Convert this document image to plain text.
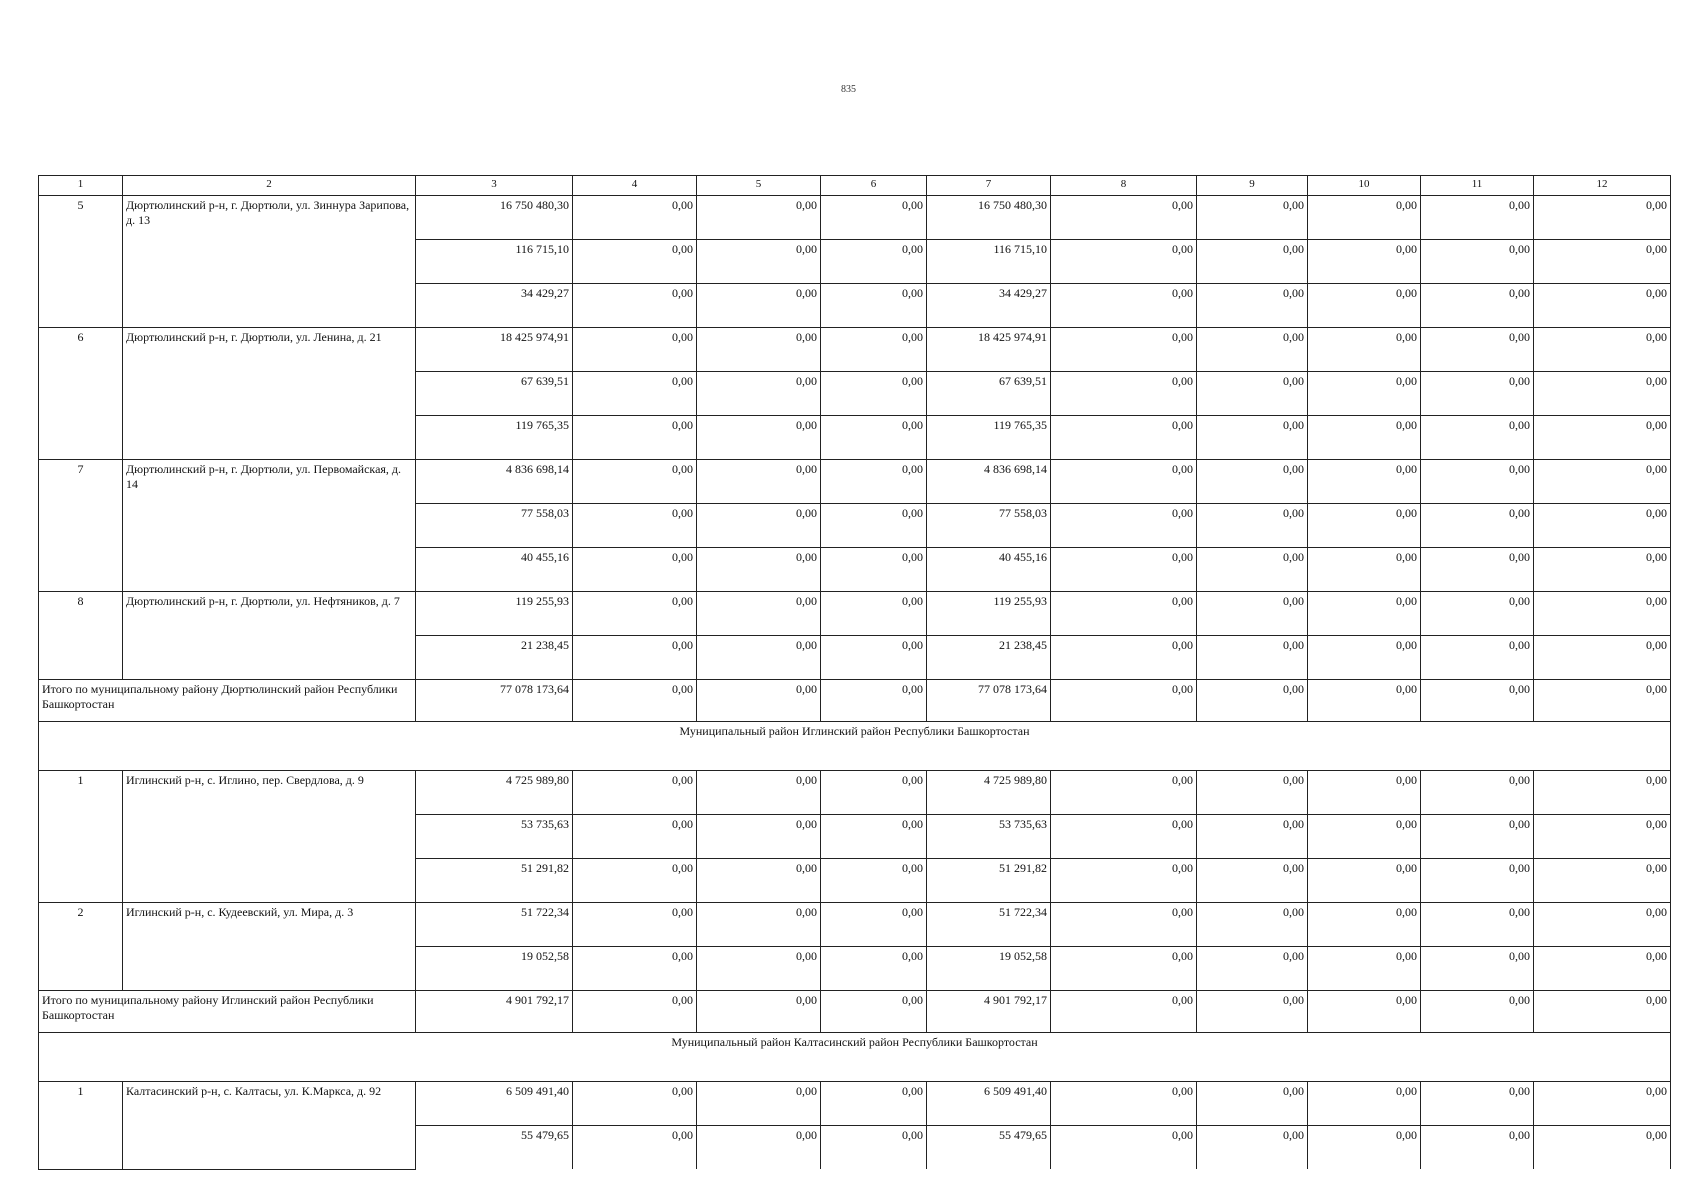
835
1	2	3	4	5	6	7	8	9	10	11	12
5	Дюртюлинский р-н, г. Дюртюли, ул. Зиннура Зарипова, д. 13	16 750 480,30	0,00	0,00	0,00	16 750 480,30	0,00	0,00	0,00	0,00	0,00
		116 715,10	0,00	0,00	0,00	116 715,10	0,00	0,00	0,00	0,00	0,00
		34 429,27	0,00	0,00	0,00	34 429,27	0,00	0,00	0,00	0,00	0,00
6	Дюртюлинский р-н, г. Дюртюли, ул. Ленина, д. 21	18 425 974,91	0,00	0,00	0,00	18 425 974,91	0,00	0,00	0,00	0,00	0,00
		67 639,51	0,00	0,00	0,00	67 639,51	0,00	0,00	0,00	0,00	0,00
		119 765,35	0,00	0,00	0,00	119 765,35	0,00	0,00	0,00	0,00	0,00
7	Дюртюлинский р-н, г. Дюртюли, ул. Первомайская, д. 14	4 836 698,14	0,00	0,00	0,00	4 836 698,14	0,00	0,00	0,00	0,00	0,00
		77 558,03	0,00	0,00	0,00	77 558,03	0,00	0,00	0,00	0,00	0,00
		40 455,16	0,00	0,00	0,00	40 455,16	0,00	0,00	0,00	0,00	0,00
8	Дюртюлинский р-н, г. Дюртюли, ул. Нефтяников, д. 7	119 255,93	0,00	0,00	0,00	119 255,93	0,00	0,00	0,00	0,00	0,00
		21 238,45	0,00	0,00	0,00	21 238,45	0,00	0,00	0,00	0,00	0,00
Итого по муниципальному району Дюртюлинский район Республики Башкортостан		77 078 173,64	0,00	0,00	0,00	77 078 173,64	0,00	0,00	0,00	0,00	0,00
Муниципальный район Иглинский район Республики Башкортостан											
1	Иглинский р-н, с. Иглино, пер. Свердлова, д. 9	4 725 989,80	0,00	0,00	0,00	4 725 989,80	0,00	0,00	0,00	0,00	0,00
		53 735,63	0,00	0,00	0,00	53 735,63	0,00	0,00	0,00	0,00	0,00
		51 291,82	0,00	0,00	0,00	51 291,82	0,00	0,00	0,00	0,00	0,00
2	Иглинский р-н, с. Кудеевский, ул. Мира, д. 3	51 722,34	0,00	0,00	0,00	51 722,34	0,00	0,00	0,00	0,00	0,00
		19 052,58	0,00	0,00	0,00	19 052,58	0,00	0,00	0,00	0,00	0,00
Итого по муниципальному району Иглинский район Республики Башкортостан		4 901 792,17	0,00	0,00	0,00	4 901 792,17	0,00	0,00	0,00	0,00	0,00
Муниципальный район Калтасинский район Республики Башкортостан											
1	Калтасинский р-н, с. Калтасы, ул. К.Маркса, д. 92	6 509 491,40	0,00	0,00	0,00	6 509 491,40	0,00	0,00	0,00	0,00	0,00
		55 479,65	0,00	0,00	0,00	55 479,65	0,00	0,00	0,00	0,00	0,00
